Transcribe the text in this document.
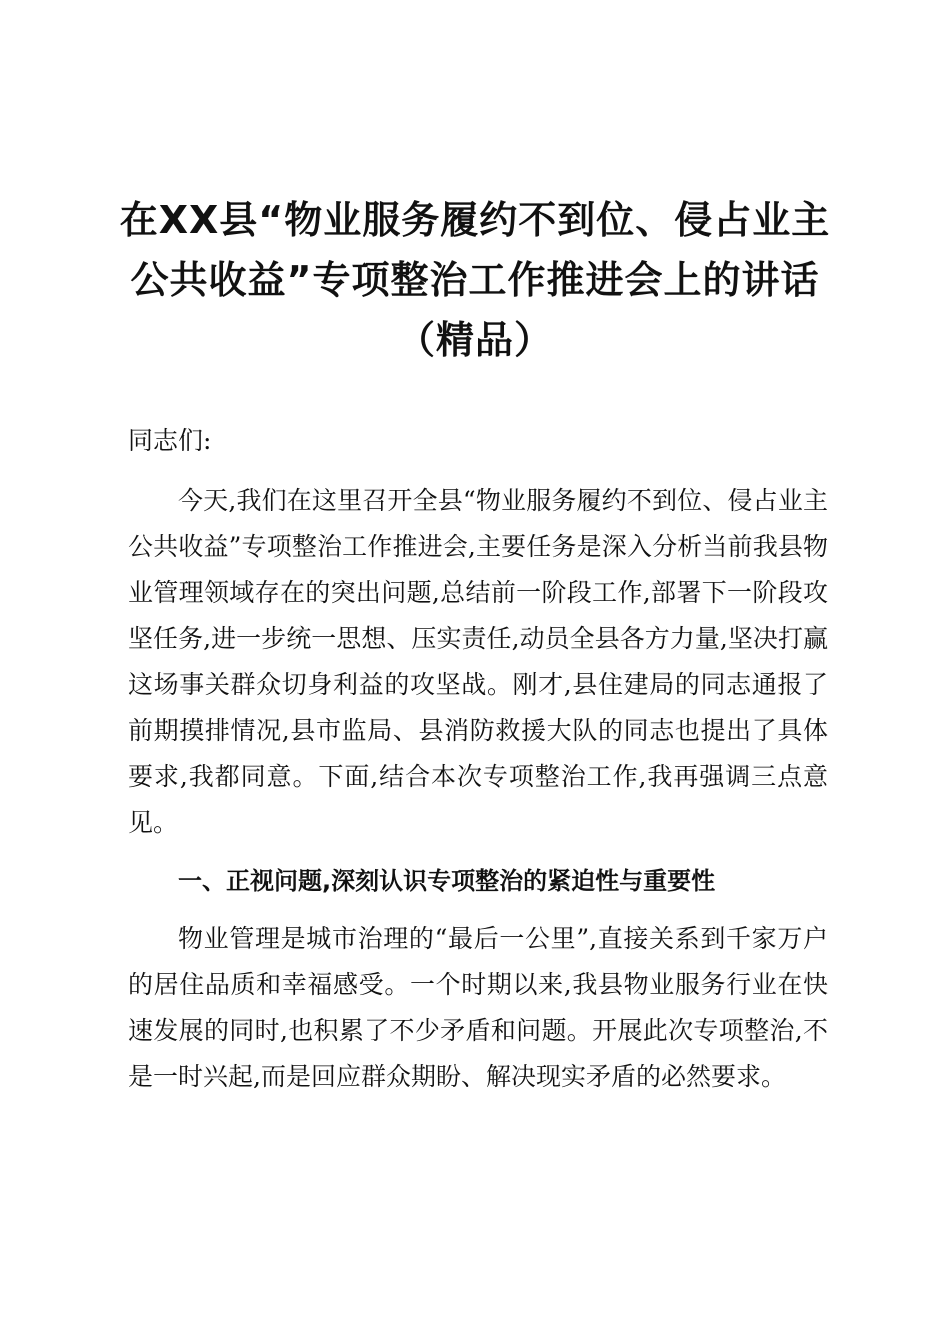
在XX县“物业服务履约不到位、侵占业主
公共收益”专项整治工作推进会上的讲话
（精品）

同志们:

今天,我们在这里召开全县“物业服务履约不到位、侵占业主公共收益”专项整治工作推进会,主要任务是深入分析当前我县物业管理领域存在的突出问题,总结前一阶段工作,部署下一阶段攻坚任务,进一步统一思想、压实责任,动员全县各方力量,坚决打赢这场事关群众切身利益的攻坚战。刚才,县住建局的同志通报了前期摸排情况,县市监局、县消防救援大队的同志也提出了具体要求,我都同意。下面,结合本次专项整治工作,我再强调三点意见。

一、正视问题,深刻认识专项整治的紧迫性与重要性

物业管理是城市治理的“最后一公里”,直接关系到千家万户的居住品质和幸福感受。一个时期以来,我县物业服务行业在快速发展的同时,也积累了不少矛盾和问题。开展此次专项整治,不是一时兴起,而是回应群众期盼、解决现实矛盾的必然要求。
